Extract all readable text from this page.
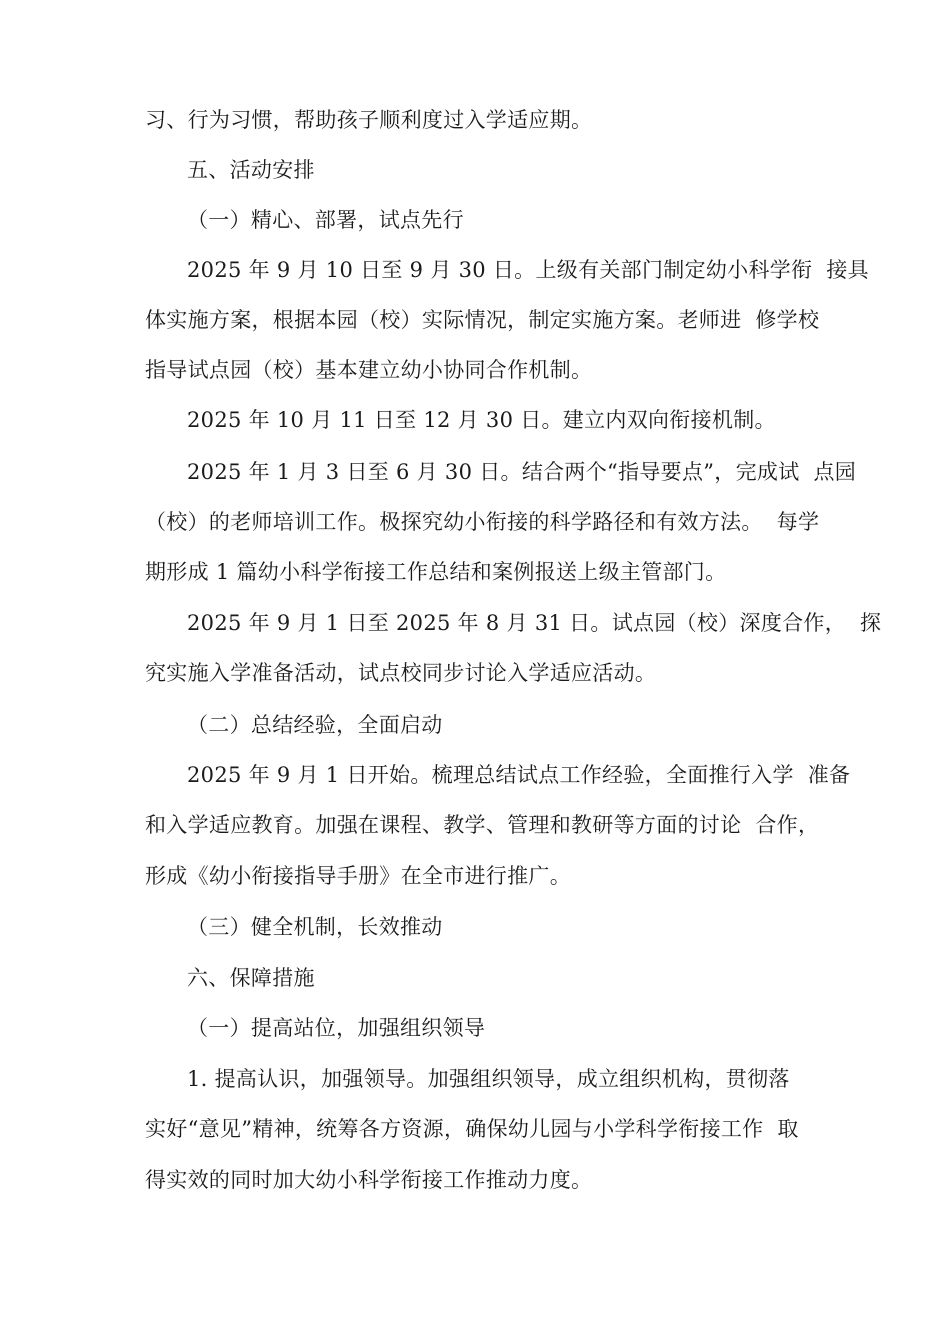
习、行为习惯，帮助孩子顺利度过入学适应期。
五、活动安排
（一）精心、部署，试点先行
2025 年 9 月 10 日至 9 月 30 日。上级有关部门制定幼小科学衔  接具
体实施方案，根据本园（校）实际情况，制定实施方案。老师进  修学校
指导试点园（校）基本建立幼小协同合作机制。
2025 年 10 月 11 日至 12 月 30 日。建立内双向衔接机制。
2025 年 1 月 3 日至 6 月 30 日。结合两个“指导要点”，完成试  点园
（校）的老师培训工作。极探究幼小衔接的科学路径和有效方法。  每学
期形成 1 篇幼小科学衔接工作总结和案例报送上级主管部门。
2025 年 9 月 1 日至 2025 年 8 月 31 日。试点园（校）深度合作，  探
究实施入学准备活动，试点校同步讨论入学适应活动。
（二）总结经验，全面启动
2025 年 9 月 1 日开始。梳理总结试点工作经验，全面推行入学  准备
和入学适应教育。加强在课程、教学、管理和教研等方面的讨论  合作，
形成《幼小衔接指导手册》在全市进行推广。
（三）健全机制，长效推动
六、保障措施
（一）提高站位，加强组织领导
1. 提高认识，加强领导。加强组织领导，成立组织机构，贯彻落
实好“意见”精神，统筹各方资源，确保幼儿园与小学科学衔接工作  取
得实效的同时加大幼小科学衔接工作推动力度。
